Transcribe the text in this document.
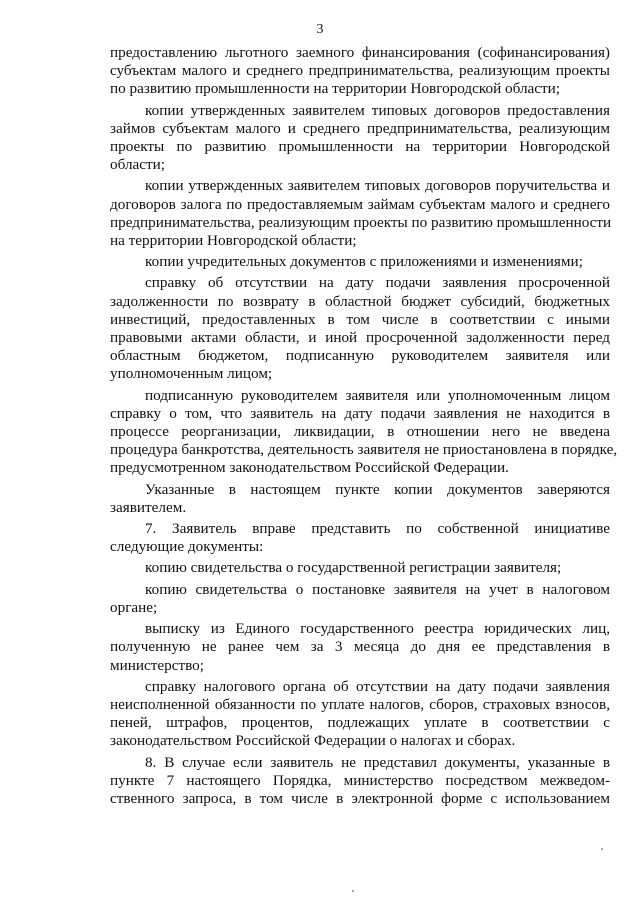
3

предоставлению льготного заемного финансирования (софинансирования)
субъектам малого и среднего предпринимательства, реализующим проекты
по развитию промышленности на территории Новгородской области;

копии утвержденных заявителем типовых договоров предоставления
займов субъектам малого и среднего предпринимательства, реализующим
проекты по развитию промышленности на территории Новгородской
области;

копии утвержденных заявителем типовых договоров поручительства и
договоров залога по предоставляемым займам субъектам малого и среднего
предпринимательства, реализующим проекты по развитию промышленности
на территории Новгородской области;

копии учредительных документов с приложениями и изменениями;

справку об отсутствии на дату подачи заявления просроченной
задолженности по возврату в областной бюджет субсидий, бюджетных
инвестиций, предоставленных в том числе в соответствии с иными
правовыми актами области, и иной просроченной задолженности перед
областным бюджетом, подписанную руководителем заявителя или
уполномоченным лицом;

подписанную руководителем заявителя или уполномоченным лицом
справку о том, что заявитель на дату подачи заявления не находится в
процессе реорганизации, ликвидации, в отношении него не введена
процедура банкротства, деятельность заявителя не приостановлена в порядке,
предусмотренном законодательством Российской Федерации.

Указанные в настоящем пункте копии документов заверяются
заявителем.

7. Заявитель вправе представить по собственной инициативе
следующие документы:

копию свидетельства о государственной регистрации заявителя;

копию свидетельства о постановке заявителя на учет в налоговом
органе;

выписку из Единого государственного реестра юридических лиц,
полученную не ранее чем за 3 месяца до дня ее представления в
министерство;

справку налогового органа об отсутствии на дату подачи заявления
неисполненной обязанности по уплате налогов, сборов, страховых взносов,
пеней, штрафов, процентов, подлежащих уплате в соответствии с
законодательством Российской Федерации о налогах и сборах.

8. В случае если заявитель не представил документы, указанные в
пункте 7 настоящего Порядка, министерство посредством межведом-
ственного запроса, в том числе в электронной форме с использованием
